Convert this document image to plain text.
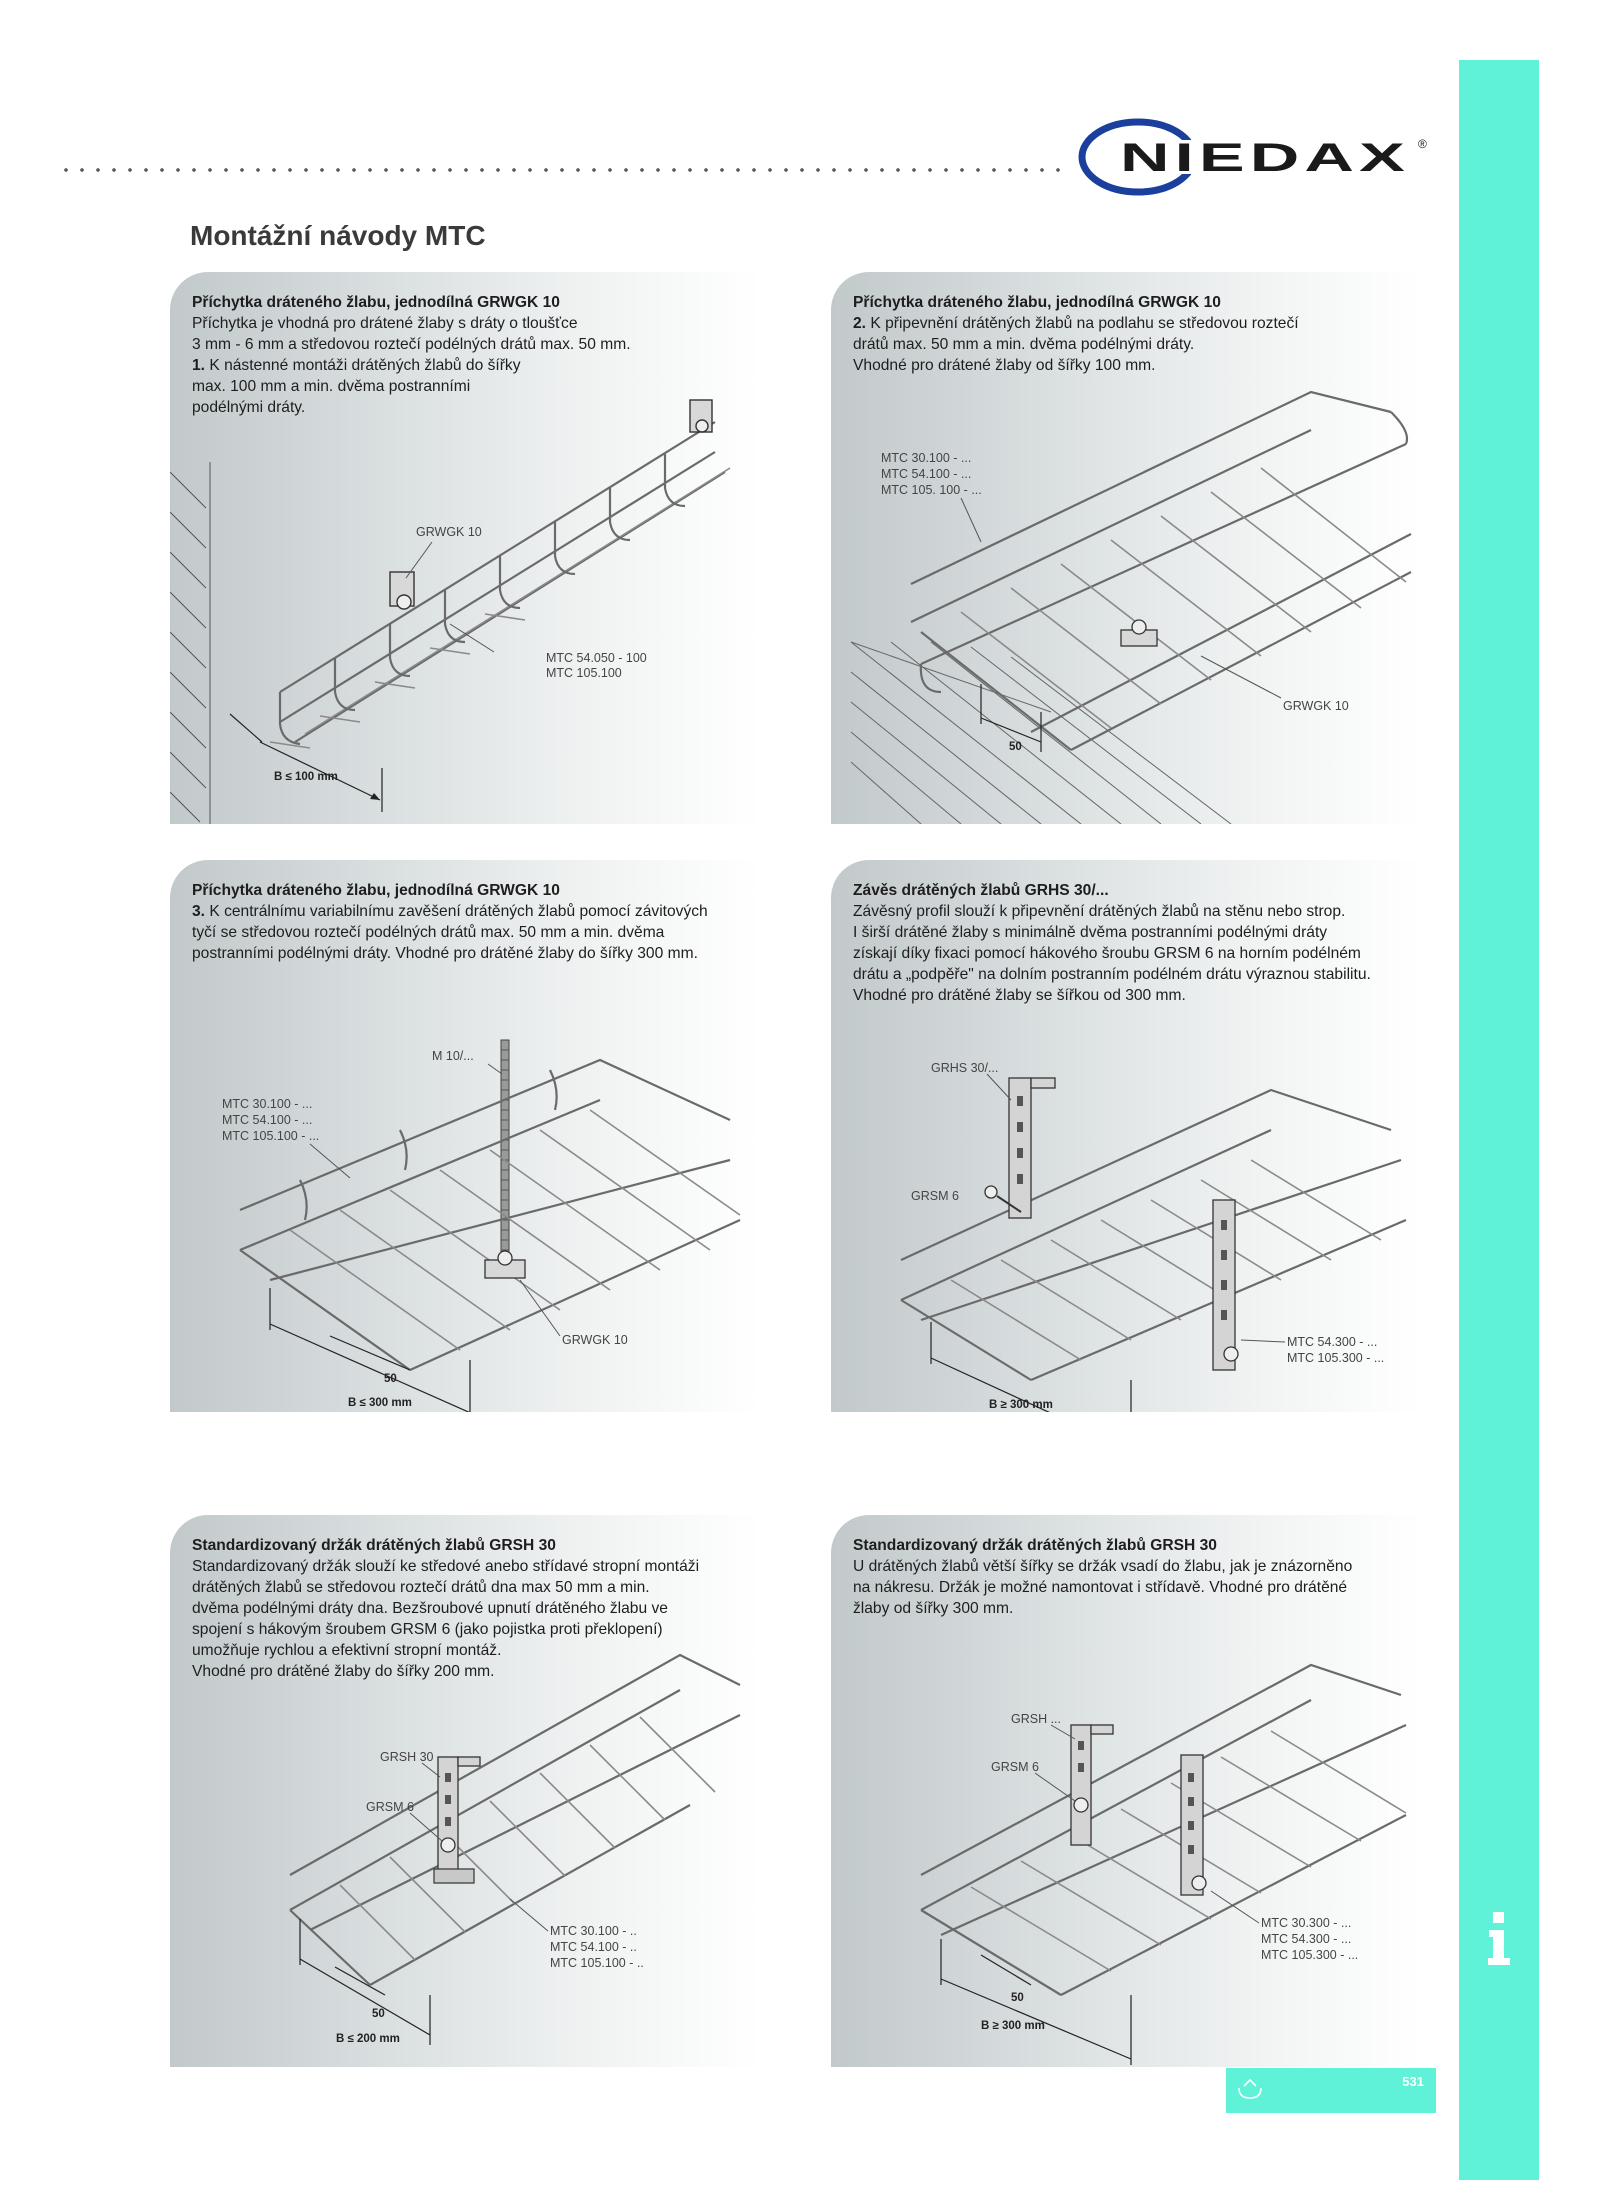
NIEDAX ®
Montážní návody MTC
Příchytka dráteného žlabu, jednodílná GRWGK 10
Příchytka je vhodná pro drátené žlaby s dráty o tloušťce
3 mm - 6 mm a středovou roztečí podélných drátů max. 50 mm.
1. K nástenné montáži drátěných žlabů do šířky
max. 100 mm a min. dvěma postranními
podélnými dráty.
GRWGK 10
MTC 54.050 - 100
MTC 105.100
B ≤ 100 mm
Příchytka dráteného žlabu, jednodílná GRWGK 10
2. K připevnění drátěných žlabů na podlahu se středovou roztečí
drátů max. 50 mm a min. dvěma podélnými dráty.
Vhodné pro drátené žlaby od šířky 100 mm.
MTC 30.100 - ...
MTC 54.100 - ...
MTC 105. 100 - ...
GRWGK 10
50
Příchytka dráteného žlabu, jednodílná GRWGK 10
3. K centrálnímu variabilnímu zavěšení drátěných žlabů pomocí závitových
tyčí se středovou roztečí podélných drátů max. 50 mm a min. dvěma
postranními podélnými dráty. Vhodné pro drátěné žlaby do šířky 300 mm.
M 10/...
MTC 30.100 - ...
MTC 54.100 - ...
MTC 105.100 - ...
GRWGK 10
50
B ≤ 300 mm
Závěs drátěných žlabů GRHS 30/...
Závěsný profil slouží k připevnění drátěných žlabů na stěnu nebo strop.
I širší drátěné žlaby s minimálně dvěma postranními podélnými dráty
získají díky fixaci pomocí hákového šroubu GRSM 6 na horním podélném
drátu a „podpěře" na dolním postranním podélném drátu výraznou stabilitu.
Vhodné pro drátěné žlaby se šířkou od 300 mm.
GRHS 30/...
GRSM 6
MTC 54.300 - ...
MTC 105.300 - ...
B ≥ 300 mm
Standardizovaný držák drátěných žlabů GRSH 30
Standardizovaný držák slouží ke středové anebo střídavé stropní montáži
drátěných žlabů se středovou roztečí drátů dna max 50 mm a min.
dvěma podélnými dráty dna. Bezšroubové upnutí drátěného žlabu ve
spojení s hákovým šroubem GRSM 6 (jako pojistka proti překlopení)
umožňuje rychlou a efektivní stropní montáž.
Vhodné pro drátěné žlaby do šířky 200 mm.
GRSH 30
GRSM 6
MTC 30.100 - ..
MTC 54.100 - ..
MTC 105.100 - ..
50
B ≤ 200 mm
Standardizovaný držák drátěných žlabů GRSH 30
U drátěných žlabů větší šířky se držák vsadí do žlabu, jak je znázorněno
na nákresu. Držák je možné namontovat i střídavě. Vhodné pro drátěné
žlaby od šířky 300 mm.
GRSH ...
GRSM 6
MTC 30.300 - ...
MTC 54.300 - ...
MTC 105.300 - ...
50
B ≥ 300 mm
531
